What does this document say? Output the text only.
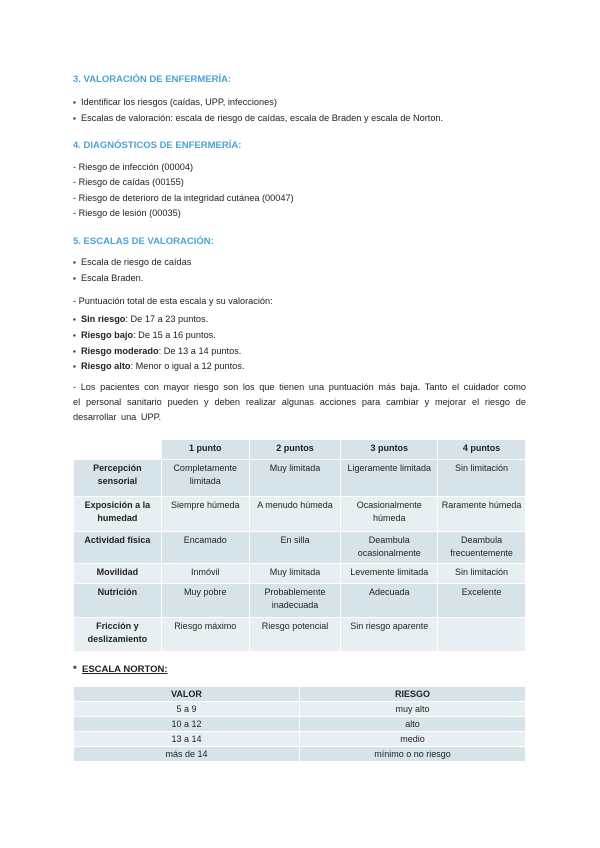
3. VALORACIÓN DE ENFERMERÍA:

▪ Identificar los riesgos (caídas, UPP, infecciones)

▪ Escalas de valoración: escala de riesgo de caídas, escala de Braden y escala de Norton.

4. DIAGNÓSTICOS DE ENFERMERÍA:

- Riesgo de infección (00004)

- Riesgo de caídas (00155)

- Riesgo de deterioro de la integridad cutánea (00047)

- Riesgo de lesión (00035)

5. ESCALAS DE VALORACIÓN:

▪ Escala de riesgo de caídas

▪ Escala Braden.

- Puntuación total de esta escala y su valoración:

▪ Sin riesgo: De 17 a 23 puntos.

▪ Riesgo bajo: De 15 a 16 puntos.

▪ Riesgo moderado: De 13 a 14 puntos.

▪ Riesgo alto: Menor o igual a 12 puntos.

- Los pacientes con mayor riesgo son los que tienen una puntuación más baja. Tanto el cuidador como el personal sanitario pueden y deben realizar algunas acciones para cambiar y mejorar el riesgo de desarrollar una UPP.

	1 punto	2 puntos	3 puntos	4 puntos
Percepción sensorial	Completamente limitada	Muy limitada	Ligeramente limitada	Sin limitación
Exposición a la humedad	Siempre húmeda	A menudo húmeda	Ocasionalmente húmeda	Raramente húmeda
Actividad física	Encamado	En silla	Deambula ocasionalmente	Deambula frecuentemente
Movilidad	Inmóvil	Muy limitada	Levemente limitada	Sin limitación
Nutrición	Muy pobre	Probablemente inadecuada	Adecuada	Excelente
Fricción y deslizamiento	Riesgo máximo	Riesgo potencial	Sin riesgo aparente	

* ESCALA NORTON:

VALOR	RIESGO
5 a 9	muy alto
10 a 12	alto
13 a 14	medio
más de 14	mínimo o no riesgo
